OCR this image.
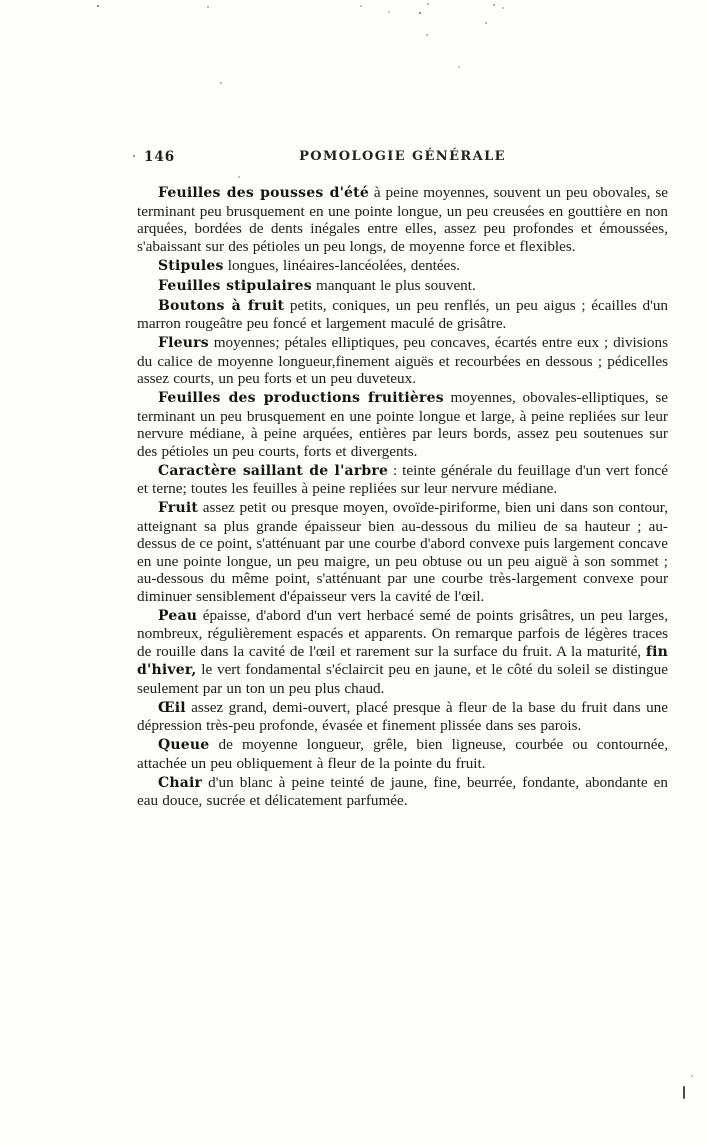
146	POMOLOGIE GÉNÉRALE

Feuilles des pousses d'été à peine moyennes, souvent un peu obovales, se terminant peu brusquement en une pointe longue, un peu creusées en gouttière en non arquées, bordées de dents inégales entre elles, assez peu profondes et émoussées, s'abaissant sur des pétioles un peu longs, de moyenne force et flexibles.

Stipules longues, linéaires-lancéolées, dentées.

Feuilles stipulaires manquant le plus souvent.

Boutons à fruit petits, coniques, un peu renflés, un peu aigus ; écailles d'un marron rougeâtre peu foncé et largement maculé de grisâtre.

Fleurs moyennes; pétales elliptiques, peu concaves, écartés entre eux ; divisions du calice de moyenne longueur,finement aiguës et recourbées en dessous ; pédicelles assez courts, un peu forts et un peu duveteux.

Feuilles des productions fruitières moyennes, obovales-elliptiques, se terminant un peu brusquement en une pointe longue et large, à peine repliées sur leur nervure médiane, à peine arquées, entières par leurs bords, assez peu soutenues sur des pétioles un peu courts, forts et divergents.

Caractère saillant de l'arbre : teinte générale du feuillage d'un vert foncé et terne; toutes les feuilles à peine repliées sur leur nervure médiane.

Fruit assez petit ou presque moyen, ovoïde-piriforme, bien uni dans son contour, atteignant sa plus grande épaisseur bien au-dessous du milieu de sa hauteur ; au-dessus de ce point, s'atténuant par une courbe d'abord convexe puis largement concave en une pointe longue, un peu maigre, un peu obtuse ou un peu aiguë à son sommet ; au-dessous du même point, s'atténuant par une courbe très-largement convexe pour diminuer sensiblement d'épaisseur vers la cavité de l'œil.

Peau épaisse, d'abord d'un vert herbacé semé de points grisâtres, un peu larges, nombreux, régulièrement espacés et apparents. On remarque parfois de légères traces de rouille dans la cavité de l'œil et rarement sur la surface du fruit. A la maturité, fin d'hiver, le vert fondamental s'éclaircit peu en jaune, et le côté du soleil se distingue seulement par un ton un peu plus chaud.

Œil assez grand, demi-ouvert, placé presque à fleur de la base du fruit dans une dépression très-peu profonde, évasée et finement plissée dans ses parois.

Queue de moyenne longueur, grêle, bien ligneuse, courbée ou contournée, attachée un peu obliquement à fleur de la pointe du fruit.

Chair d'un blanc à peine teinté de jaune, fine, beurrée, fondante, abondante en eau douce, sucrée et délicatement parfumée.
